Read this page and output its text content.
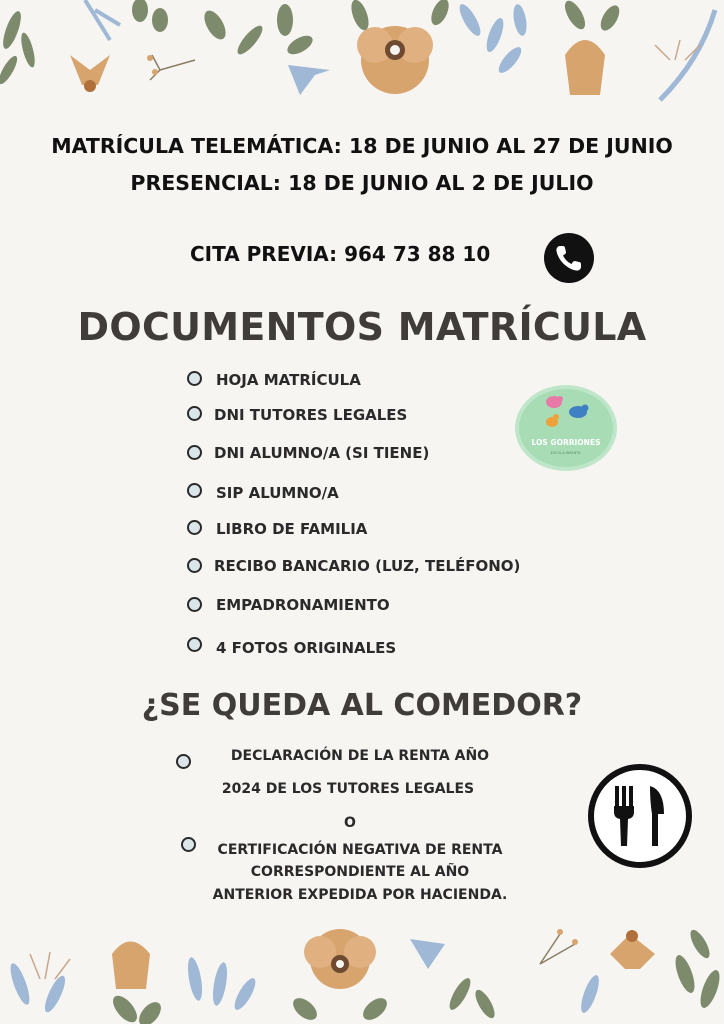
MATRÍCULA TELEMÁTICA: 18 DE JUNIO AL 27 DE JUNIO
PRESENCIAL: 18 DE JUNIO AL 2 DE JULIO
CITA PREVIA: 964 73 88 10
DOCUMENTOS MATRÍCULA
HOJA MATRÍCULA
DNI TUTORES LEGALES
DNI ALUMNO/A (SI TIENE)
SIP ALUMNO/A
LIBRO DE FAMILIA
RECIBO BANCARIO (LUZ, TELÉFONO)
EMPADRONAMIENTO
4 FOTOS ORIGINALES
LOS GORRIONES
ESCOLA INFANTIL
¿SE QUEDA AL COMEDOR?
DECLARACIÓN DE LA RENTA AÑO
2024 DE LOS TUTORES LEGALES
O
CERTIFICACIÓN NEGATIVA DE RENTA
CORRESPONDIENTE AL AÑO
ANTERIOR EXPEDIDA POR HACIENDA.
